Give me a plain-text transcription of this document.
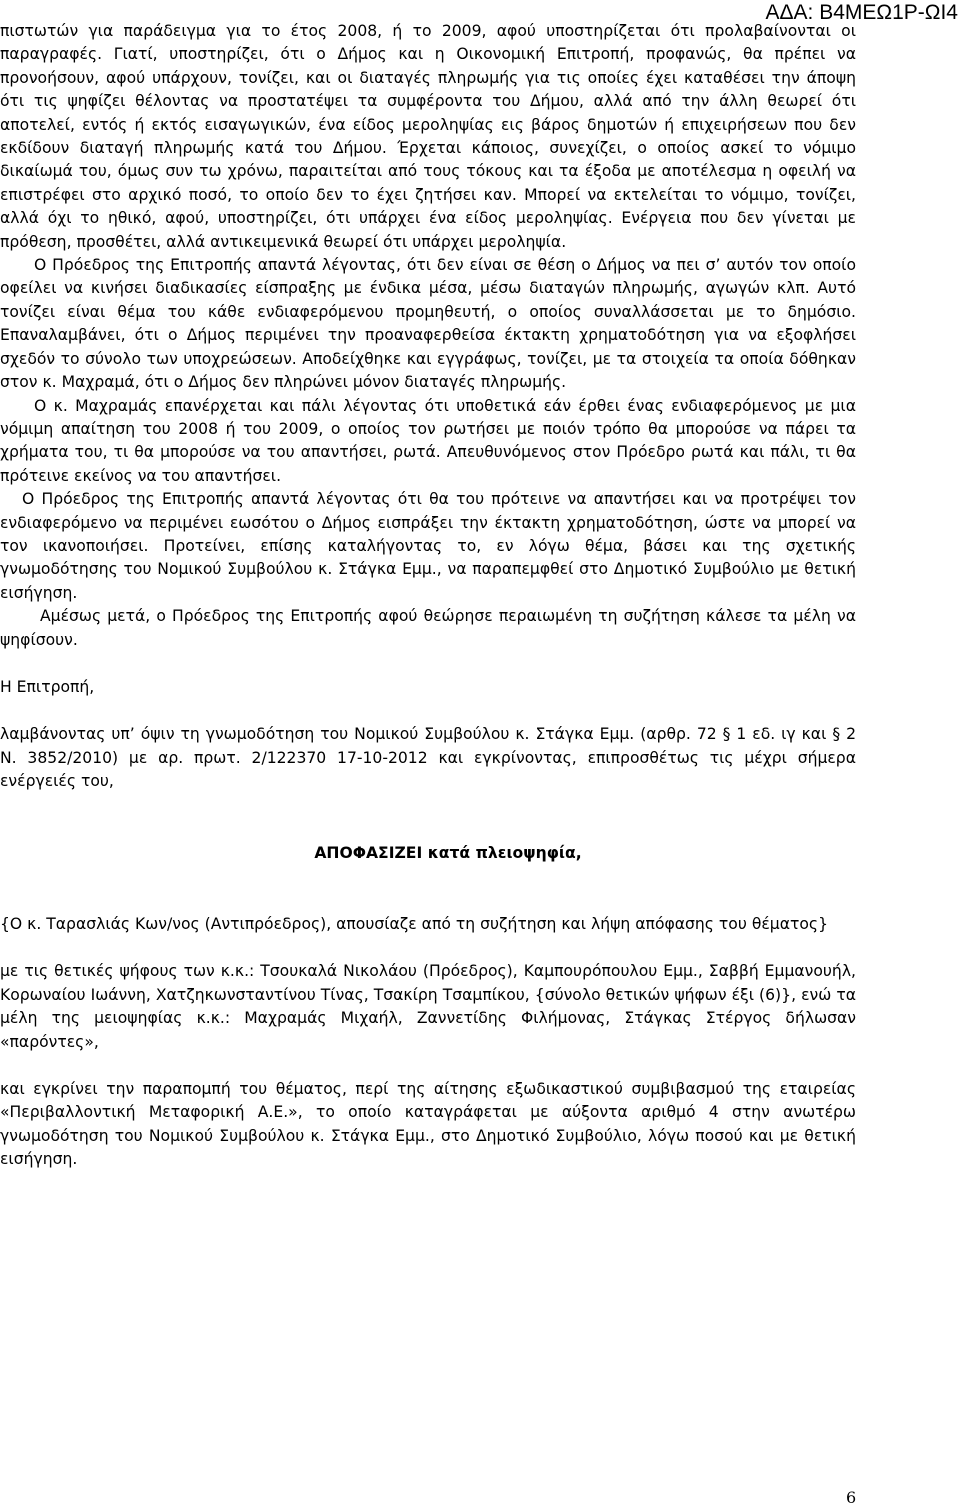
ΑΔΑ: Β4ΜΕΩ1Ρ-ΩΙ4

πιστωτών για παράδειγμα για το έτος 2008, ή το 2009, αφού υποστηρίζεται ότι προλαβαίνονται οι παραγραφές. Γιατί, υποστηρίζει, ότι ο Δήμος και η Οικονομική Επιτροπή, προφανώς, θα πρέπει να προνοήσουν, αφού υπάρχουν, τονίζει, και οι διαταγές πληρωμής για τις οποίες έχει καταθέσει την άποψη ότι τις ψηφίζει θέλοντας να προστατέψει τα συμφέροντα του Δήμου, αλλά από την άλλη θεωρεί ότι αποτελεί, εντός ή εκτός εισαγωγικών, ένα είδος μεροληψίας εις βάρος δημοτών ή επιχειρήσεων που δεν εκδίδουν διαταγή πληρωμής κατά του Δήμου. Έρχεται κάποιος, συνεχίζει, ο οποίος ασκεί το νόμιμο δικαίωμά του, όμως συν τω χρόνω, παραιτείται από τους τόκους και τα έξοδα με αποτέλεσμα η οφειλή να επιστρέφει στο αρχικό ποσό, το οποίο δεν το έχει ζητήσει καν. Μπορεί να εκτελείται το νόμιμο, τονίζει, αλλά όχι το ηθικό, αφού, υποστηρίζει, ότι υπάρχει ένα είδος μεροληψίας. Ενέργεια που δεν γίνεται με πρόθεση, προσθέτει, αλλά αντικειμενικά θεωρεί ότι υπάρχει μεροληψία.

Ο Πρόεδρος της Επιτροπής απαντά λέγοντας, ότι δεν είναι σε θέση ο Δήμος να πει σ’ αυτόν τον οποίο οφείλει να κινήσει διαδικασίες είσπραξης με ένδικα μέσα, μέσω διαταγών πληρωμής, αγωγών κλπ. Αυτό τονίζει είναι θέμα του κάθε ενδιαφερόμενου προμηθευτή, ο οποίος συναλλάσσεται με το δημόσιο. Επαναλαμβάνει, ότι ο Δήμος περιμένει την προαναφερθείσα έκτακτη χρηματοδότηση για να εξοφλήσει σχεδόν το σύνολο των υποχρεώσεων. Αποδείχθηκε και εγγράφως, τονίζει, με τα στοιχεία τα οποία δόθηκαν στον κ. Μαχραμά, ότι ο Δήμος δεν πληρώνει μόνον διαταγές πληρωμής.

Ο κ. Μαχραμάς επανέρχεται και πάλι λέγοντας ότι υποθετικά εάν έρθει ένας ενδιαφερόμενος με μια νόμιμη απαίτηση του 2008 ή του 2009, ο οποίος τον ρωτήσει με ποιόν τρόπο θα μπορούσε να πάρει τα χρήματα του, τι θα μπορούσε να του απαντήσει, ρωτά. Απευθυνόμενος στον Πρόεδρο ρωτά και πάλι, τι θα πρότεινε εκείνος να του απαντήσει.

Ο Πρόεδρος της Επιτροπής απαντά λέγοντας ότι θα του πρότεινε να απαντήσει και να προτρέψει τον ενδιαφερόμενο να περιμένει εωσότου ο Δήμος εισπράξει την έκτακτη χρηματοδότηση, ώστε να μπορεί να τον ικανοποιήσει. Προτείνει, επίσης καταλήγοντας το, εν λόγω θέμα, βάσει και της σχετικής γνωμοδότησης του Νομικού Συμβούλου κ. Στάγκα Εμμ., να παραπεμφθεί στο Δημοτικό Συμβούλιο με θετική εισήγηση.

Αμέσως μετά, ο Πρόεδρος της Επιτροπής αφού θεώρησε περαιωμένη τη συζήτηση κάλεσε τα μέλη να ψηφίσουν.

Η Επιτροπή,

λαμβάνοντας υπ’ όψιν τη γνωμοδότηση του Νομικού Συμβούλου κ. Στάγκα Εμμ. (αρθρ. 72 § 1 εδ. ιγ και § 2 Ν. 3852/2010) με αρ. πρωτ. 2/122370 17-10-2012 και εγκρίνοντας, επιπροσθέτως τις μέχρι σήμερα ενέργειές του,

ΑΠΟΦΑΣΙΖΕΙ κατά πλειοψηφία,

{Ο κ. Ταρασλιάς Κων/νος (Αντιπρόεδρος), απουσίαζε από τη συζήτηση και λήψη απόφασης του θέματος}

με τις θετικές ψήφους των κ.κ.: Τσουκαλά Νικολάου (Πρόεδρος), Καμπουρόπουλου Εμμ., Σαββή Εμμανουήλ, Κορωναίου Ιωάννη, Χατζηκωνσταντίνου Τίνας, Τσακίρη Τσαμπίκου, {σύνολο θετικών ψήφων έξι (6)}, ενώ τα μέλη της μειοψηφίας κ.κ.: Μαχραμάς Μιχαήλ, Ζαννετίδης Φιλήμονας, Στάγκας Στέργος δήλωσαν «παρόντες»,

και εγκρίνει την παραπομπή του θέματος, περί της αίτησης εξωδικαστικού συμβιβασμού της εταιρείας «Περιβαλλοντική Μεταφορική Α.Ε.», το οποίο καταγράφεται με αύξοντα αριθμό 4 στην ανωτέρω γνωμοδότηση του Νομικού Συμβούλου κ. Στάγκα Εμμ., στο Δημοτικό Συμβούλιο, λόγω ποσού και με θετική εισήγηση.

6
